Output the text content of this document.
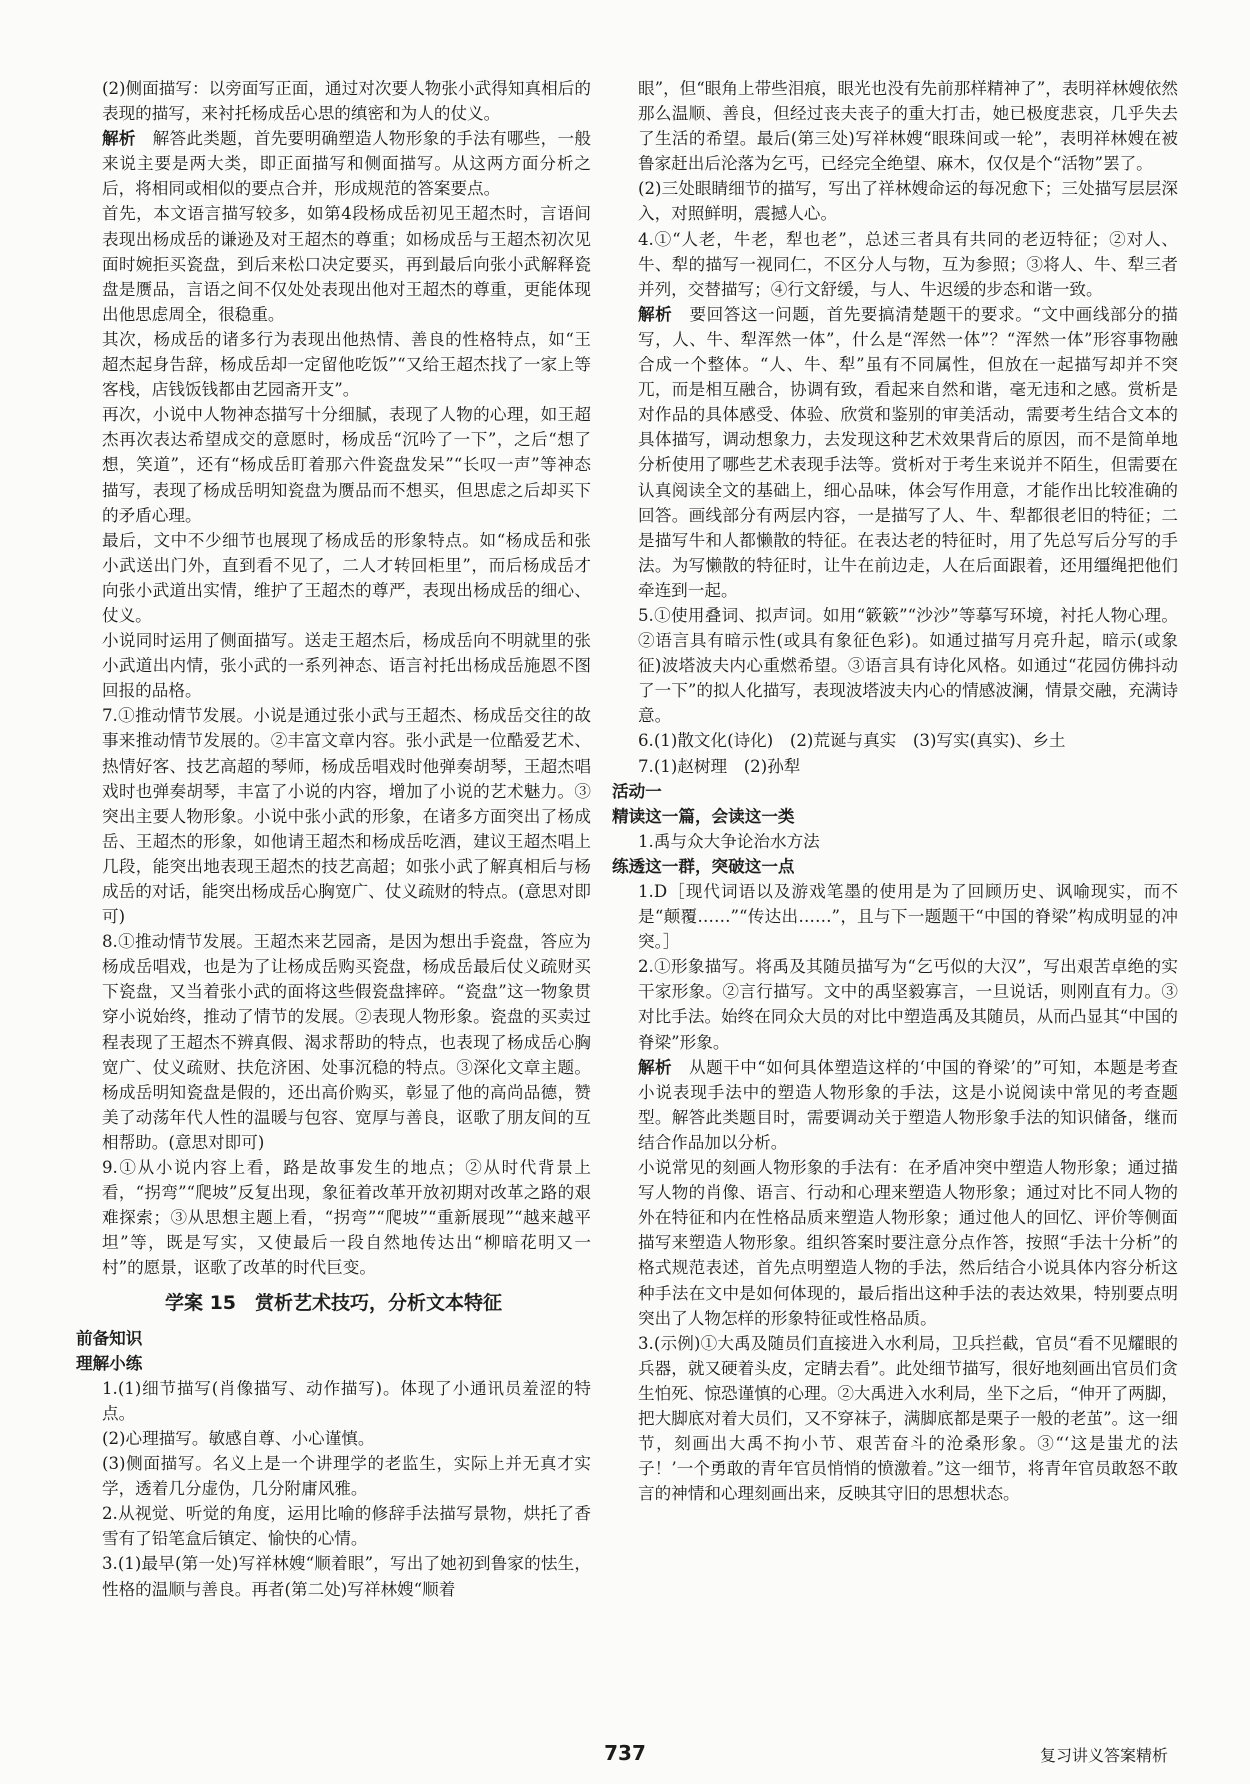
(2)侧面描写：以旁面写正面，通过对次要人物张小武得知真相后的表现的描写，来衬托杨成岳心思的缜密和为人的仗义。

解析　解答此类题，首先要明确塑造人物形象的手法有哪些，一般来说主要是两大类，即正面描写和侧面描写。从这两方面分析之后，将相同或相似的要点合并，形成规范的答案要点。

首先，本文语言描写较多，如第4段杨成岳初见王超杰时，言语间表现出杨成岳的谦逊及对王超杰的尊重；如杨成岳与王超杰初次见面时婉拒买瓷盘，到后来松口决定要买，再到最后向张小武解释瓷盘是赝品，言语之间不仅处处表现出他对王超杰的尊重，更能体现出他思虑周全，很稳重。

其次，杨成岳的诸多行为表现出他热情、善良的性格特点，如“王超杰起身告辞，杨成岳却一定留他吃饭”“又给王超杰找了一家上等客栈，店钱饭钱都由艺园斋开支”。

再次，小说中人物神态描写十分细腻，表现了人物的心理，如王超杰再次表达希望成交的意愿时，杨成岳“沉吟了一下”，之后“想了想，笑道”，还有“杨成岳盯着那六件瓷盘发呆”“长叹一声”等神态描写，表现了杨成岳明知瓷盘为赝品而不想买，但思虑之后却买下的矛盾心理。

最后，文中不少细节也展现了杨成岳的形象特点。如“杨成岳和张小武送出门外，直到看不见了，二人才转回柜里”，而后杨成岳才向张小武道出实情，维护了王超杰的尊严，表现出杨成岳的细心、仗义。

小说同时运用了侧面描写。送走王超杰后，杨成岳向不明就里的张小武道出内情，张小武的一系列神态、语言衬托出杨成岳施恩不图回报的品格。

7.①推动情节发展。小说是通过张小武与王超杰、杨成岳交往的故事来推动情节发展的。②丰富文章内容。张小武是一位酷爱艺术、热情好客、技艺高超的琴师，杨成岳唱戏时他弹奏胡琴，王超杰唱戏时也弹奏胡琴，丰富了小说的内容，增加了小说的艺术魅力。③突出主要人物形象。小说中张小武的形象，在诸多方面突出了杨成岳、王超杰的形象，如他请王超杰和杨成岳吃酒，建议王超杰唱上几段，能突出地表现王超杰的技艺高超；如张小武了解真相后与杨成岳的对话，能突出杨成岳心胸宽广、仗义疏财的特点。(意思对即可)

8.①推动情节发展。王超杰来艺园斋，是因为想出手瓷盘，答应为杨成岳唱戏，也是为了让杨成岳购买瓷盘，杨成岳最后仗义疏财买下瓷盘，又当着张小武的面将这些假瓷盘摔碎。“瓷盘”这一物象贯穿小说始终，推动了情节的发展。②表现人物形象。瓷盘的买卖过程表现了王超杰不辨真假、渴求帮助的特点，也表现了杨成岳心胸宽广、仗义疏财、扶危济困、处事沉稳的特点。③深化文章主题。杨成岳明知瓷盘是假的，还出高价购买，彰显了他的高尚品德，赞美了动荡年代人性的温暖与包容、宽厚与善良，讴歌了朋友间的互相帮助。(意思对即可)

9.①从小说内容上看，路是故事发生的地点；②从时代背景上看，“拐弯”“爬坡”反复出现，象征着改革开放初期对改革之路的艰难探索；③从思想主题上看，“拐弯”“爬坡”“重新展现”“越来越平坦”等，既是写实，又使最后一段自然地传达出“柳暗花明又一村”的愿景，讴歌了改革的时代巨变。

学案 15　赏析艺术技巧，分析文本特征

前备知识

理解小练

1.(1)细节描写(肖像描写、动作描写)。体现了小通讯员羞涩的特点。

(2)心理描写。敏感自尊、小心谨慎。

(3)侧面描写。名义上是一个讲理学的老监生，实际上并无真才实学，透着几分虚伪，几分附庸风雅。

2.从视觉、听觉的角度，运用比喻的修辞手法描写景物，烘托了香雪有了铅笔盒后镇定、愉快的心情。

3.(1)最早(第一处)写祥林嫂“顺着眼”，写出了她初到鲁家的怯生，性格的温顺与善良。再者(第二处)写祥林嫂“顺着

眼”，但“眼角上带些泪痕，眼光也没有先前那样精神了”，表明祥林嫂依然那么温顺、善良，但经过丧夫丧子的重大打击，她已极度悲哀，几乎失去了生活的希望。最后(第三处)写祥林嫂“眼珠间或一轮”，表明祥林嫂在被鲁家赶出后沦落为乞丐，已经完全绝望、麻木，仅仅是个“活物”罢了。

(2)三处眼睛细节的描写，写出了祥林嫂命运的每况愈下；三处描写层层深入，对照鲜明，震撼人心。

4.①“人老，牛老，犁也老”，总述三者具有共同的老迈特征；②对人、牛、犁的描写一视同仁，不区分人与物，互为参照；③将人、牛、犁三者并列，交替描写；④行文舒缓，与人、牛迟缓的步态和谐一致。

解析　要回答这一问题，首先要搞清楚题干的要求。“文中画线部分的描写，人、牛、犁浑然一体”，什么是“浑然一体”？“浑然一体”形容事物融合成一个整体。“人、牛、犁”虽有不同属性，但放在一起描写却并不突兀，而是相互融合，协调有致，看起来自然和谐，毫无违和之感。赏析是对作品的具体感受、体验、欣赏和鉴别的审美活动，需要考生结合文本的具体描写，调动想象力，去发现这种艺术效果背后的原因，而不是简单地分析使用了哪些艺术表现手法等。赏析对于考生来说并不陌生，但需要在认真阅读全文的基础上，细心品味，体会写作用意，才能作出比较准确的回答。画线部分有两层内容，一是描写了人、牛、犁都很老旧的特征；二是描写牛和人都懒散的特征。在表达老的特征时，用了先总写后分写的手法。为写懒散的特征时，让牛在前边走，人在后面跟着，还用缰绳把他们牵连到一起。

5.①使用叠词、拟声词。如用“簌簌”“沙沙”等摹写环境，衬托人物心理。②语言具有暗示性(或具有象征色彩)。如通过描写月亮升起，暗示(或象征)波塔波夫内心重燃希望。③语言具有诗化风格。如通过“花园仿佛抖动了一下”的拟人化描写，表现波塔波夫内心的情感波澜，情景交融，充满诗意。

6.(1)散文化(诗化)　(2)荒诞与真实　(3)写实(真实)、乡土

7.(1)赵树理　(2)孙犁

活动一

精读这一篇，会读这一类

1.禹与众大争论治水方法

练透这一群，突破这一点

1.D［现代词语以及游戏笔墨的使用是为了回顾历史、讽喻现实，而不是“颠覆……”“传达出……”，且与下一题题干“中国的脊梁”构成明显的冲突。］

2.①形象描写。将禹及其随员描写为“乞丐似的大汉”，写出艰苦卓绝的实干家形象。②言行描写。文中的禹坚毅寡言，一旦说话，则刚直有力。③对比手法。始终在同众大员的对比中塑造禹及其随员，从而凸显其“中国的脊梁”形象。

解析　从题干中“如何具体塑造这样的‘中国的脊梁’的”可知，本题是考查小说表现手法中的塑造人物形象的手法，这是小说阅读中常见的考查题型。解答此类题目时，需要调动关于塑造人物形象手法的知识储备，继而结合作品加以分析。

小说常见的刻画人物形象的手法有：在矛盾冲突中塑造人物形象；通过描写人物的肖像、语言、行动和心理来塑造人物形象；通过对比不同人物的外在特征和内在性格品质来塑造人物形象；通过他人的回忆、评价等侧面描写来塑造人物形象。组织答案时要注意分点作答，按照“手法十分析”的格式规范表述，首先点明塑造人物的手法，然后结合小说具体内容分析这种手法在文中是如何体现的，最后指出这种手法的表达效果，特别要点明突出了人物怎样的形象特征或性格品质。

3.(示例)①大禹及随员们直接进入水利局，卫兵拦截，官员“看不见耀眼的兵器，就又硬着头皮，定睛去看”。此处细节描写，很好地刻画出官员们贪生怕死、惊恐谨慎的心理。②大禹进入水利局，坐下之后，“伸开了两脚，把大脚底对着大员们，又不穿袜子，满脚底都是栗子一般的老茧”。这一细节，刻画出大禹不拘小节、艰苦奋斗的沧桑形象。③“‘这是蚩尤的法子！’一个勇敢的青年官员悄悄的愤激着。”这一细节，将青年官员敢怒不敢言的神情和心理刻画出来，反映其守旧的思想状态。

737	复习讲义答案精析
